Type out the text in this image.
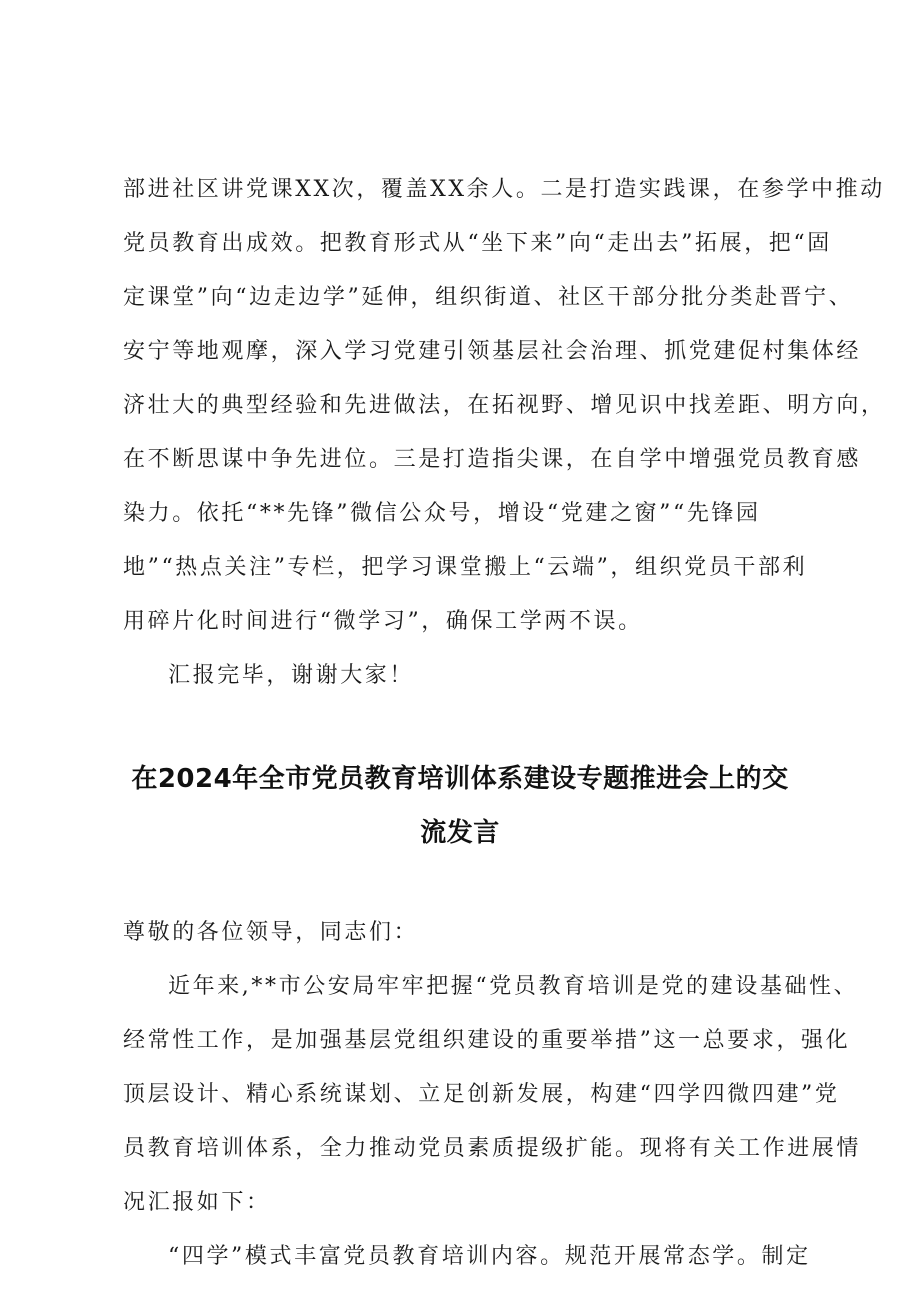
部进社区讲党课XX次，覆盖XX余人。二是打造实践课，在参学中推动

党员教育出成效。把教育形式从“坐下来”向“走出去”拓展，把“固

定课堂”向“边走边学”延伸，组织街道、社区干部分批分类赴晋宁、

安宁等地观摩，深入学习党建引领基层社会治理、抓党建促村集体经

济壮大的典型经验和先进做法，在拓视野、增见识中找差距、明方向，

在不断思谋中争先进位。三是打造指尖课，在自学中增强党员教育感

染力。依托“**先锋”微信公众号，增设“党建之窗”“先锋园

地”“热点关注”专栏，把学习课堂搬上“云端”，组织党员干部利

用碎片化时间进行“微学习”，确保工学两不误。

汇报完毕，谢谢大家！

在2024年全市党员教育培训体系建设专题推进会上的交
流发言

尊敬的各位领导，同志们：

近年来,**市公安局牢牢把握“党员教育培训是党的建设基础性、

经常性工作，是加强基层党组织建设的重要举措”这一总要求，强化

顶层设计、精心系统谋划、立足创新发展，构建“四学四微四建”党

员教育培训体系，全力推动党员素质提级扩能。现将有关工作进展情

况汇报如下：

“四学”模式丰富党员教育培训内容。规范开展常态学。制定
